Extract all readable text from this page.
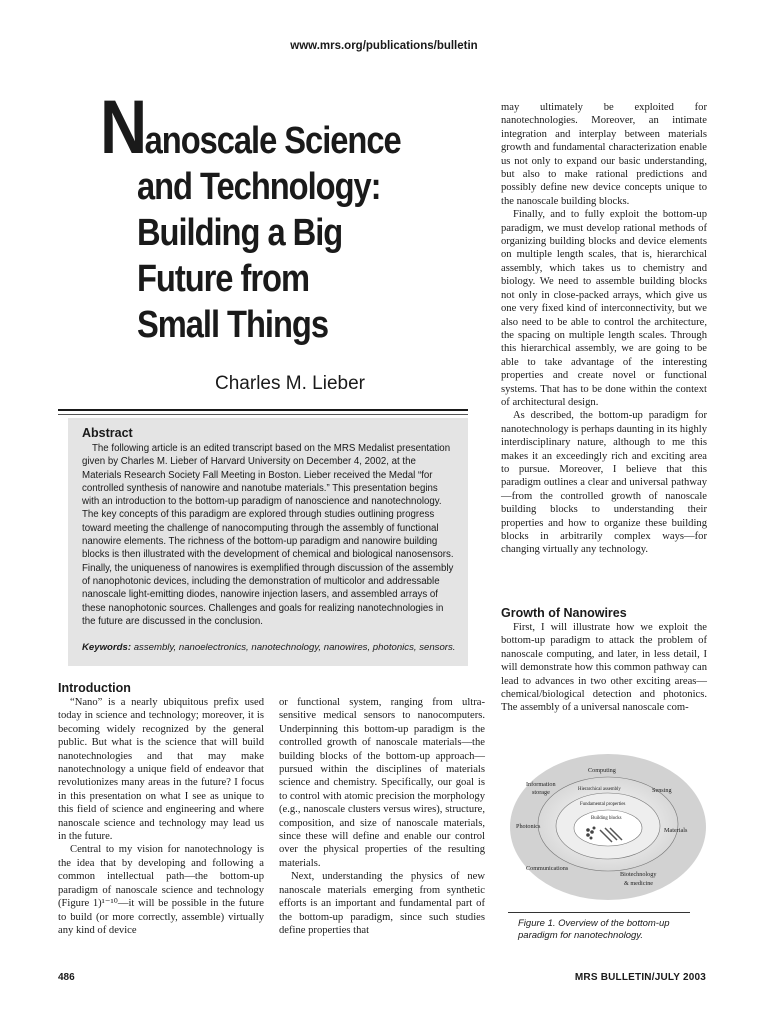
www.mrs.org/publications/bulletin
Nanoscale Science
and Technology:
Building a Big
Future from
Small Things
Charles M. Lieber
Abstract

The following article is an edited transcript based on the MRS Medalist presentation given by Charles M. Lieber of Harvard University on December 4, 2002, at the Materials Research Society Fall Meeting in Boston. Lieber received the Medal “for controlled synthesis of nanowire and nanotube materials.” This presentation begins with an introduction to the bottom-up paradigm of nanoscience and nanotechnology. The key concepts of this paradigm are explored through studies outlining progress toward meeting the challenge of nanocomputing through the assembly of functional nanowire elements. The richness of the bottom-up paradigm and nanowire building blocks is then illustrated with the development of chemical and biological nanosensors. Finally, the uniqueness of nanowires is exemplified through discussion of the assembly of nanophotonic devices, including the demonstration of multicolor and addressable nanoscale light-emitting diodes, nanowire injection lasers, and assembled arrays of these nanophotonic sources. Challenges and goals for realizing nanotechnologies in the future are discussed in the conclusion.

Keywords: assembly, nanoelectronics, nanotechnology, nanowires, photonics, sensors.
Introduction

“Nano” is a nearly ubiquitous prefix used today in science and technology; moreover, it is becoming widely recognized by the general public. But what is the science that will build nanotechnologies and that may make nanotechnology a unique field of endeavor that revolutionizes many areas in the future? I focus in this presentation on what I see as unique to this field of science and engineering and where nanoscale science and technology may lead us in the future.

Central to my vision for nanotechnology is the idea that by developing and following a common intellectual path—the bottom-up paradigm of nanoscale science and technology (Figure 1)¹⁻¹⁰—it will be possible in the future to build (or more correctly, assemble) virtually any kind of device

or functional system, ranging from ultra-sensitive medical sensors to nanocomputers. Underpinning this bottom-up paradigm is the controlled growth of nanoscale materials—the building blocks of the bottom-up approach—pursued within the disciplines of materials science and chemistry. Specifically, our goal is to control with atomic precision the morphology (e.g., nanoscale clusters versus wires), structure, composition, and size of nanoscale materials, since these will define and enable our control over the physical properties of the resulting materials.

Next, understanding the physics of new nanoscale materials emerging from synthetic efforts is an important and fundamental part of the bottom-up paradigm, since such studies define properties that

may ultimately be exploited for nanotechnologies. Moreover, an intimate integration and interplay between materials growth and fundamental characterization enable us not only to expand our basic understanding, but also to make rational predictions and possibly define new device concepts unique to the nanoscale building blocks.

Finally, and to fully exploit the bottom-up paradigm, we must develop rational methods of organizing building blocks and device elements on multiple length scales, that is, hierarchical assembly, which takes us to chemistry and biology. We need to assemble building blocks not only in close-packed arrays, which give us one very fixed kind of interconnectivity, but we also need to be able to control the architecture, the spacing on multiple length scales. Through this hierarchical assembly, we are going to be able to take advantage of the interesting properties and create novel or functional systems. That has to be done within the context of architectural design.

As described, the bottom-up paradigm for nanotechnology is perhaps daunting in its highly interdisciplinary nature, although to me this makes it an exceedingly rich and exciting area to pursue. Moreover, I believe that this paradigm outlines a clear and universal pathway—from the controlled growth of nanoscale building blocks to understanding their properties and how to organize these building blocks in arbitrarily complex ways—for changing virtually any technology.

Growth of Nanowires

First, I will illustrate how we exploit the bottom-up paradigm to attack the problem of nanoscale computing, and later, in less detail, I will demonstrate how this common pathway can lead to advances in two other exciting areas—chemical/biological detection and photonics. The assembly of a universal nanoscale com-

Computing
Information
storage	Sensing
Photonics
Materials
Communications
Biotechnology
& medicine
Hierarchical assembly
Fundamental properties
Building blocks
Figure 1. Overview of the bottom-up paradigm for nanotechnology.
486	MRS BULLETIN/JULY 2003
